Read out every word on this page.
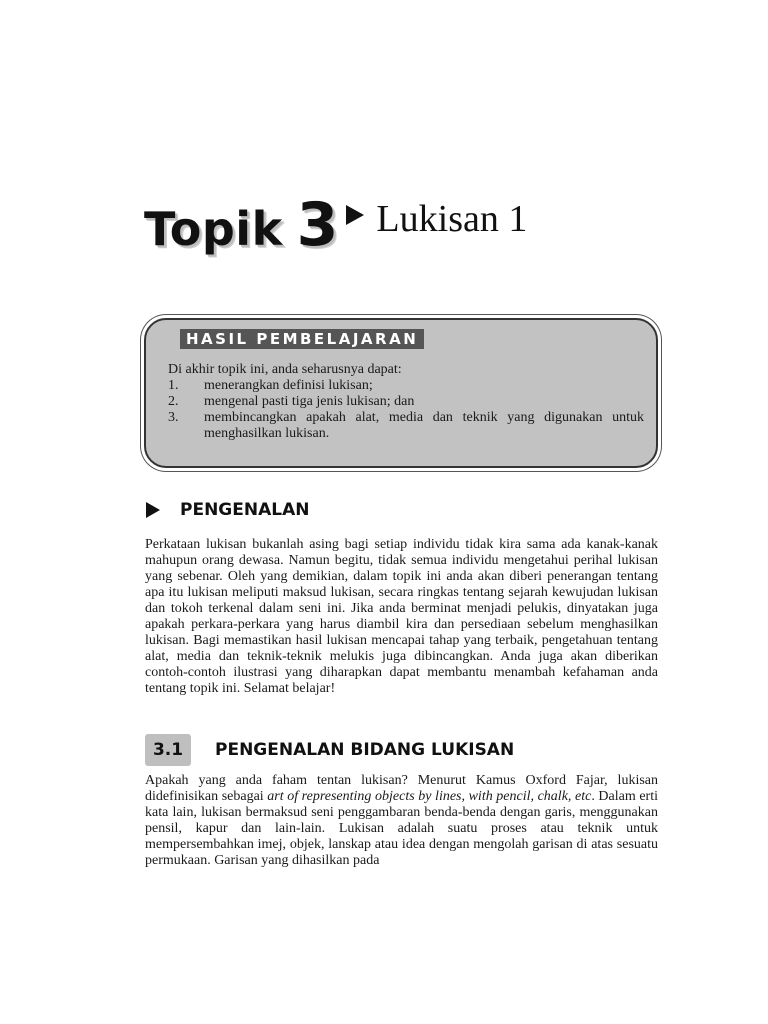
Topik 3 Lukisan 1
HASIL PEMBELAJARAN
Di akhir topik ini, anda seharusnya dapat:
1.	menerangkan definisi lukisan;
2.	mengenal pasti tiga jenis lukisan; dan
3.	membincangkan apakah alat, media dan teknik yang digunakan untuk menghasilkan lukisan.
PENGENALAN

Perkataan lukisan bukanlah asing bagi setiap individu tidak kira sama ada kanak-kanak mahupun orang dewasa. Namun begitu, tidak semua individu mengetahui perihal lukisan yang sebenar. Oleh yang demikian, dalam topik ini anda akan diberi penerangan tentang apa itu lukisan meliputi maksud lukisan, secara ringkas tentang sejarah kewujudan lukisan dan tokoh terkenal dalam seni ini. Jika anda berminat menjadi pelukis, dinyatakan juga apakah perkara-perkara yang harus diambil kira dan persediaan sebelum menghasilkan lukisan. Bagi memastikan hasil lukisan mencapai tahap yang terbaik, pengetahuan tentang alat, media dan teknik-teknik melukis juga dibincangkan. Anda juga akan diberikan contoh-contoh ilustrasi yang diharapkan dapat membantu menambah kefahaman anda tentang topik ini. Selamat belajar!

3.1	PENGENALAN BIDANG LUKISAN

Apakah yang anda faham tentan lukisan? Menurut Kamus Oxford Fajar, lukisan didefinisikan sebagai art of representing objects by lines, with pencil, chalk, etc. Dalam erti kata lain, lukisan bermaksud seni penggambaran benda-benda dengan garis, menggunakan pensil, kapur dan lain-lain. Lukisan adalah suatu proses atau teknik untuk mempersembahkan imej, objek, lanskap atau idea dengan mengolah garisan di atas sesuatu permukaan. Garisan yang dihasilkan pada
